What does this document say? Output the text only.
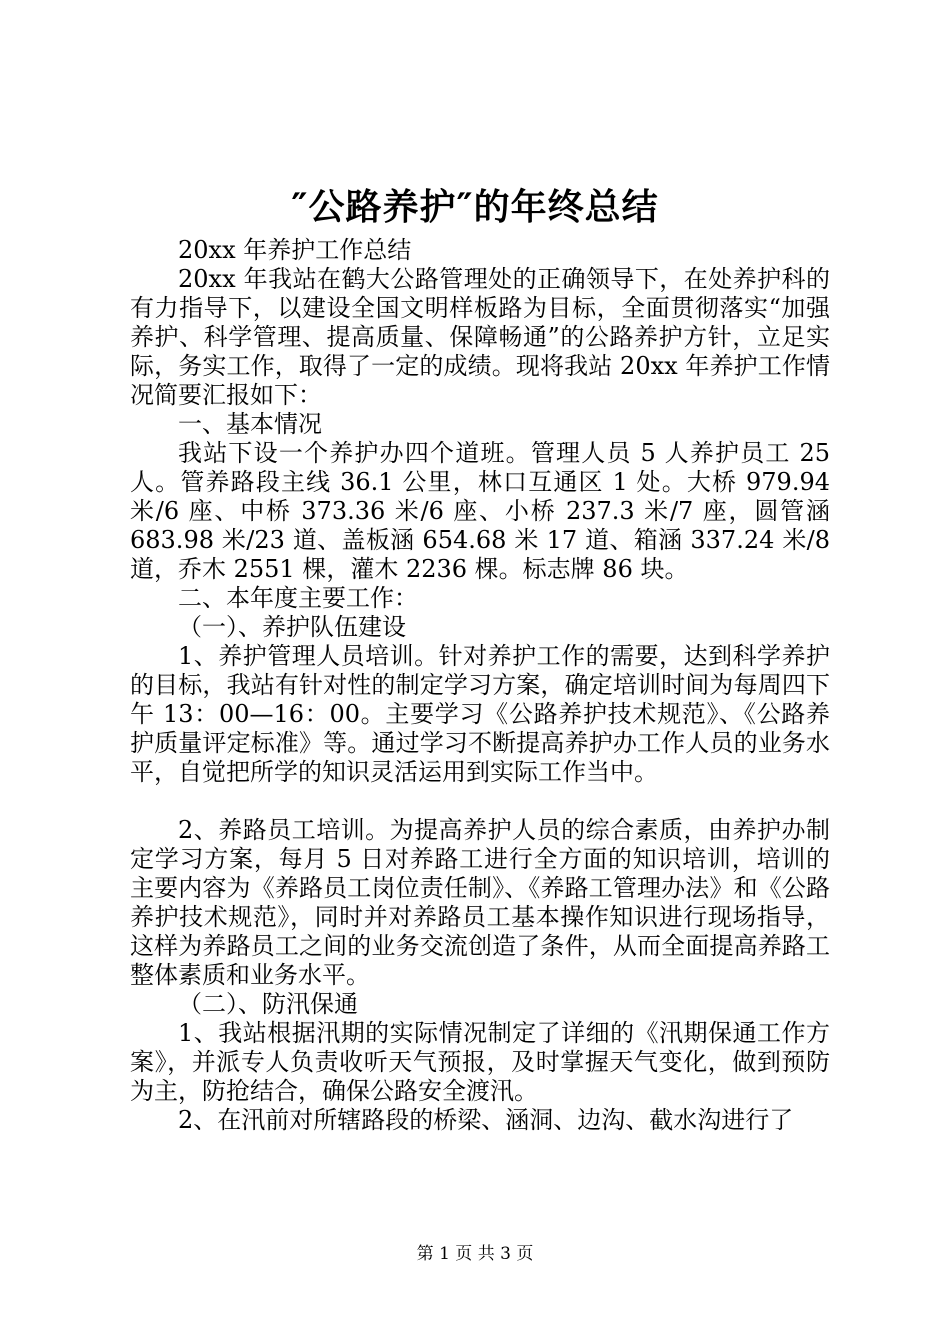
″公路养护″的年终总结

20xx 年养护工作总结

20xx 年我站在鹤大公路管理处的正确领导下，在处养护科的有力指导下，以建设全国文明样板路为目标，全面贯彻落实“加强养护、科学管理、提高质量、保障畅通”的公路养护方针，立足实际，务实工作，取得了一定的成绩。现将我站 20xx 年养护工作情况简要汇报如下：

一、基本情况

我站下设一个养护办四个道班。管理人员 5 人养护员工 25 人。管养路段主线 36.1 公里，林口互通区 1 处。大桥 979.94 米/6 座、中桥 373.36 米/6 座、小桥 237.3 米/7 座，圆管涵 683.98 米/23 道、盖板涵 654.68 米 17 道、箱涵 337.24 米/8 道，乔木 2551 棵，灌木 2236 棵。标志牌 86 块。

二、本年度主要工作：

（一）、养护队伍建设

1、养护管理人员培训。针对养护工作的需要，达到科学养护的目标，我站有针对性的制定学习方案，确定培训时间为每周四下午 13：00—16：00。主要学习《公路养护技术规范》、《公路养护质量评定标准》等。通过学习不断提高养护办工作人员的业务水平，自觉把所学的知识灵活运用到实际工作当中。

2、养路员工培训。为提高养护人员的综合素质，由养护办制定学习方案，每月 5 日对养路工进行全方面的知识培训，培训的主要内容为《养路员工岗位责任制》、《养路工管理办法》和《公路养护技术规范》，同时并对养路员工基本操作知识进行现场指导，这样为养路员工之间的业务交流创造了条件，从而全面提高养路工整体素质和业务水平。

（二）、防汛保通

1、我站根据汛期的实际情况制定了详细的《汛期保通工作方案》，并派专人负责收听天气预报，及时掌握天气变化，做到预防为主，防抢结合，确保公路安全渡汛。

2、在汛前对所辖路段的桥梁、涵洞、边沟、截水沟进行了

第 1 页 共 3 页
